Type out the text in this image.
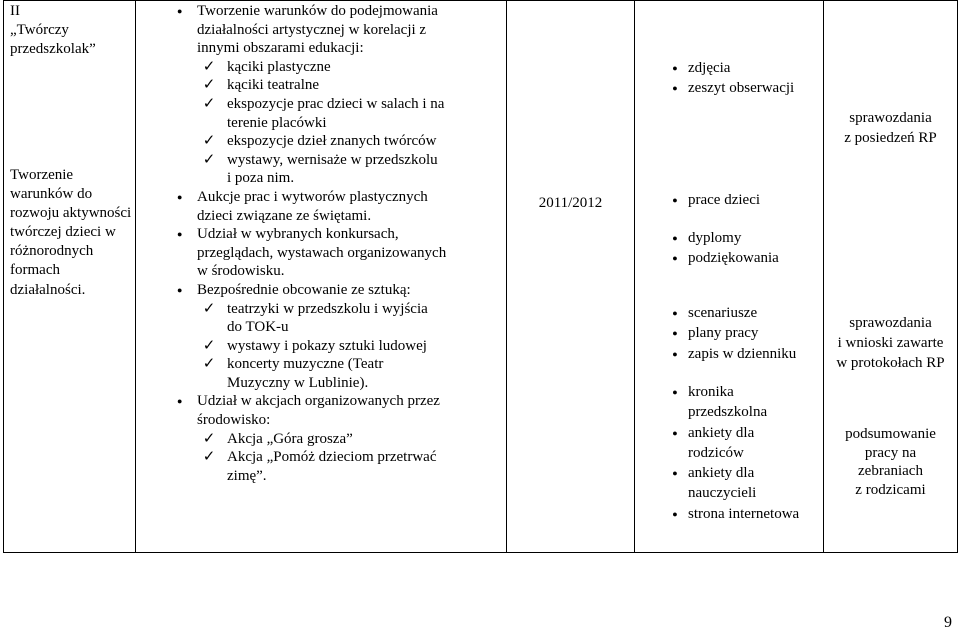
II
„Twórczy
przedszkolak”
Tworzenie
warunków do
rozwoju aktywności
twórczej dzieci w
różnorodnych
formach
działalności.
● Tworzenie warunków do podejmowania
działalności artystycznej w korelacji z
innymi obszarami edukacji:
✓ kąciki plastyczne
✓ kąciki teatralne
✓ ekspozycje prac dzieci w salach i na
terenie placówki
✓ ekspozycje dzieł znanych twórców
✓ wystawy, wernisaże w przedszkolu
i poza nim.
● Aukcje prac i wytworów plastycznych
dzieci związane ze świętami.
● Udział w wybranych konkursach,
przeglądach, wystawach organizowanych
w środowisku.
● Bezpośrednie obcowanie ze sztuką:
✓ teatrzyki w przedszkolu i wyjścia
do TOK-u
✓ wystawy i pokazy sztuki ludowej
✓ koncerty muzyczne (Teatr
Muzyczny w Lublinie).
● Udział w akcjach organizowanych przez
środowisko:
✓ Akcja „Góra grosza”
✓ Akcja „Pomóż dzieciom przetrwać
zimę”.
2011/2012
● zdjęcia
● zeszyt obserwacji
● prace dzieci
● dyplomy
● podziękowania
● scenariusze
● plany pracy
● zapis w dzienniku
● kronika
przedszkolna
● ankiety dla
rodziców
● ankiety dla
nauczycieli
● strona internetowa
sprawozdania
z posiedzeń RP
sprawozdania
i wnioski zawarte
w protokołach RP
podsumowanie
pracy na
zebraniach
z rodzicami
9
